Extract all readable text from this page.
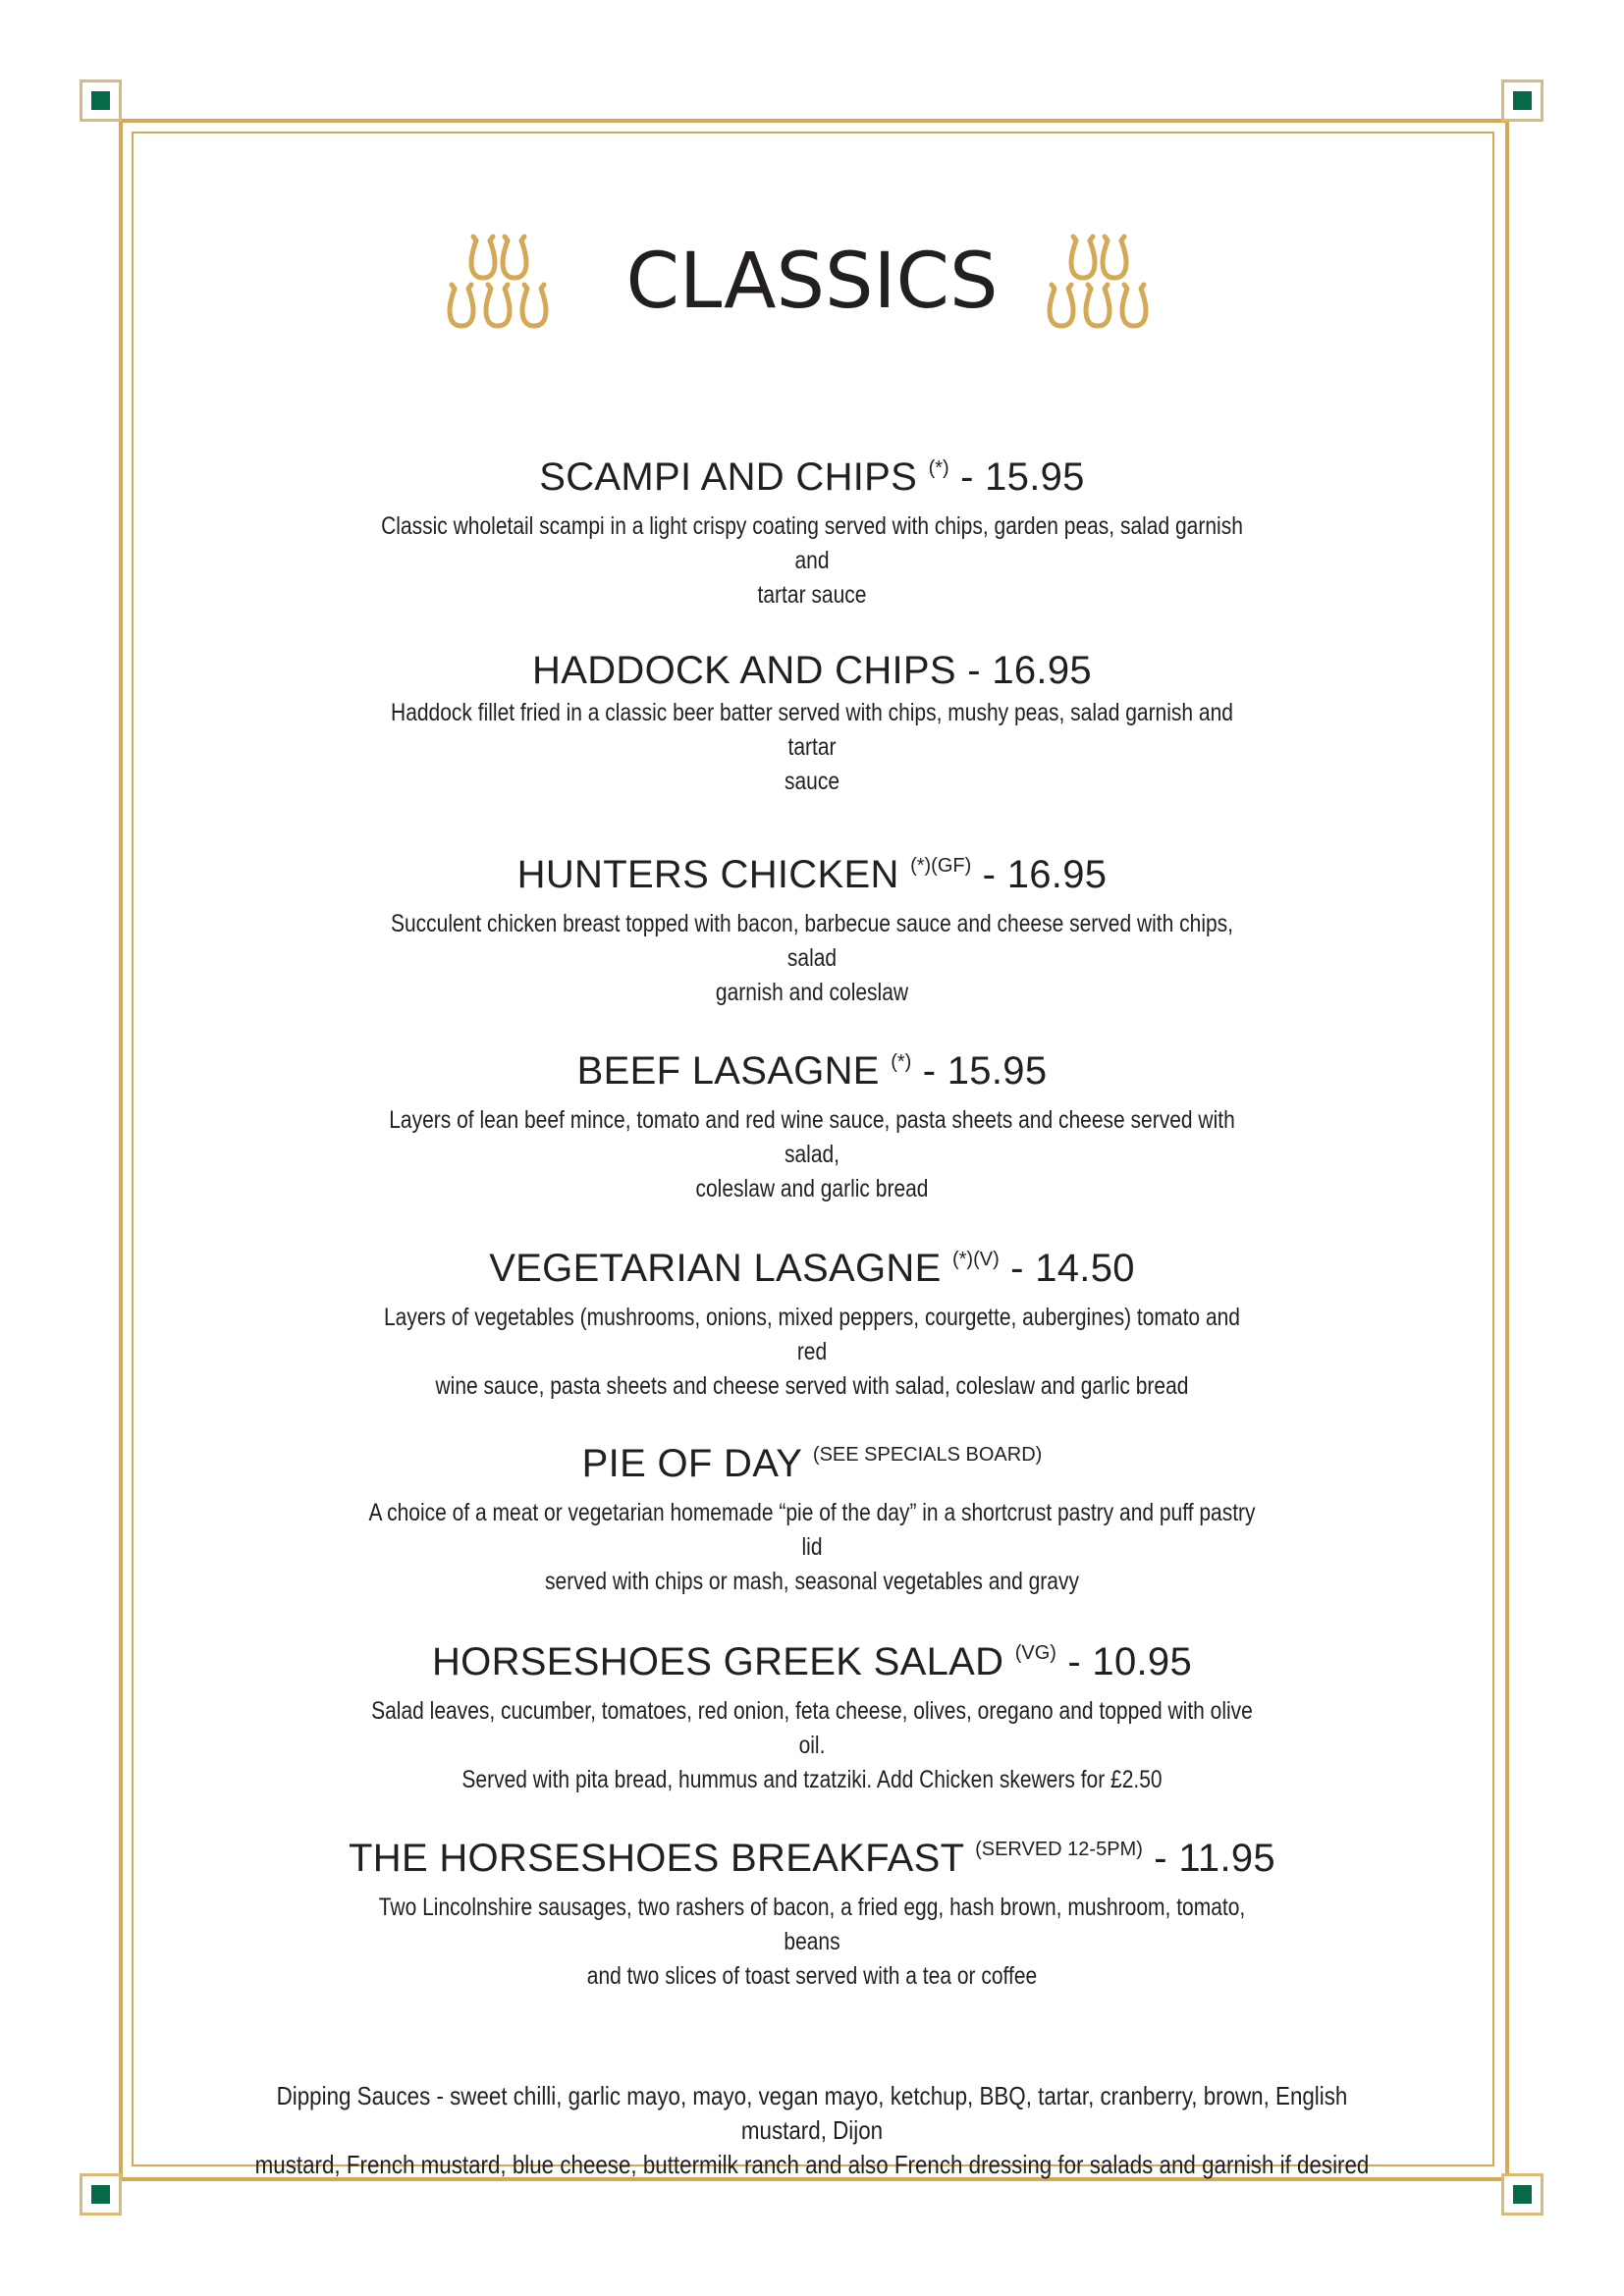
CLASSICS
SCAMPI AND CHIPS (*) - 15.95

Classic wholetail scampi in a light crispy coating served with chips, garden peas, salad garnish and
tartar sauce

HADDOCK AND CHIPS - 16.95

Haddock fillet fried in a classic beer batter served with chips, mushy peas, salad garnish and tartar
sauce

HUNTERS CHICKEN $^{(*)(GF)}$ - 16.95

Succulent chicken breast topped with bacon, barbecue sauce and cheese served with chips, salad
garnish and coleslaw

BEEF LASAGNE (*) - 15.95

Layers of lean beef mince, tomato and red wine sauce, pasta sheets and cheese served with salad,
coleslaw and garlic bread

VEGETARIAN LASAGNE $^{(*)(V)}$ - 14.50

Layers of vegetables (mushrooms, onions, mixed peppers, courgette, aubergines) tomato and red
wine sauce, pasta sheets and cheese served with salad, coleslaw and garlic bread

PIE OF DAY $^{(SEE SPECIALS BOARD)}$

A choice of a meat or vegetarian homemade “pie of the day” in a shortcrust pastry and puff pastry lid
served with chips or mash, seasonal vegetables and gravy

HORSESHOES GREEK SALAD $^{(VG)}$ - 10.95

Salad leaves, cucumber, tomatoes, red onion, feta cheese, olives, oregano and topped with olive oil.
Served with pita bread, hummus and tzatziki. Add Chicken skewers for £2.50

THE HORSESHOES BREAKFAST $^{(SERVED 12-5PM)}$ - 11.95

Two Lincolnshire sausages, two rashers of bacon, a fried egg, hash brown, mushroom, tomato, beans
and two slices of toast served with a tea or coffee

Dipping Sauces - sweet chilli, garlic mayo, mayo, vegan mayo, ketchup, BBQ, tartar, cranberry, brown, English mustard, Dijon
mustard, French mustard, blue cheese, buttermilk ranch and also French dressing for salads and garnish if desired
